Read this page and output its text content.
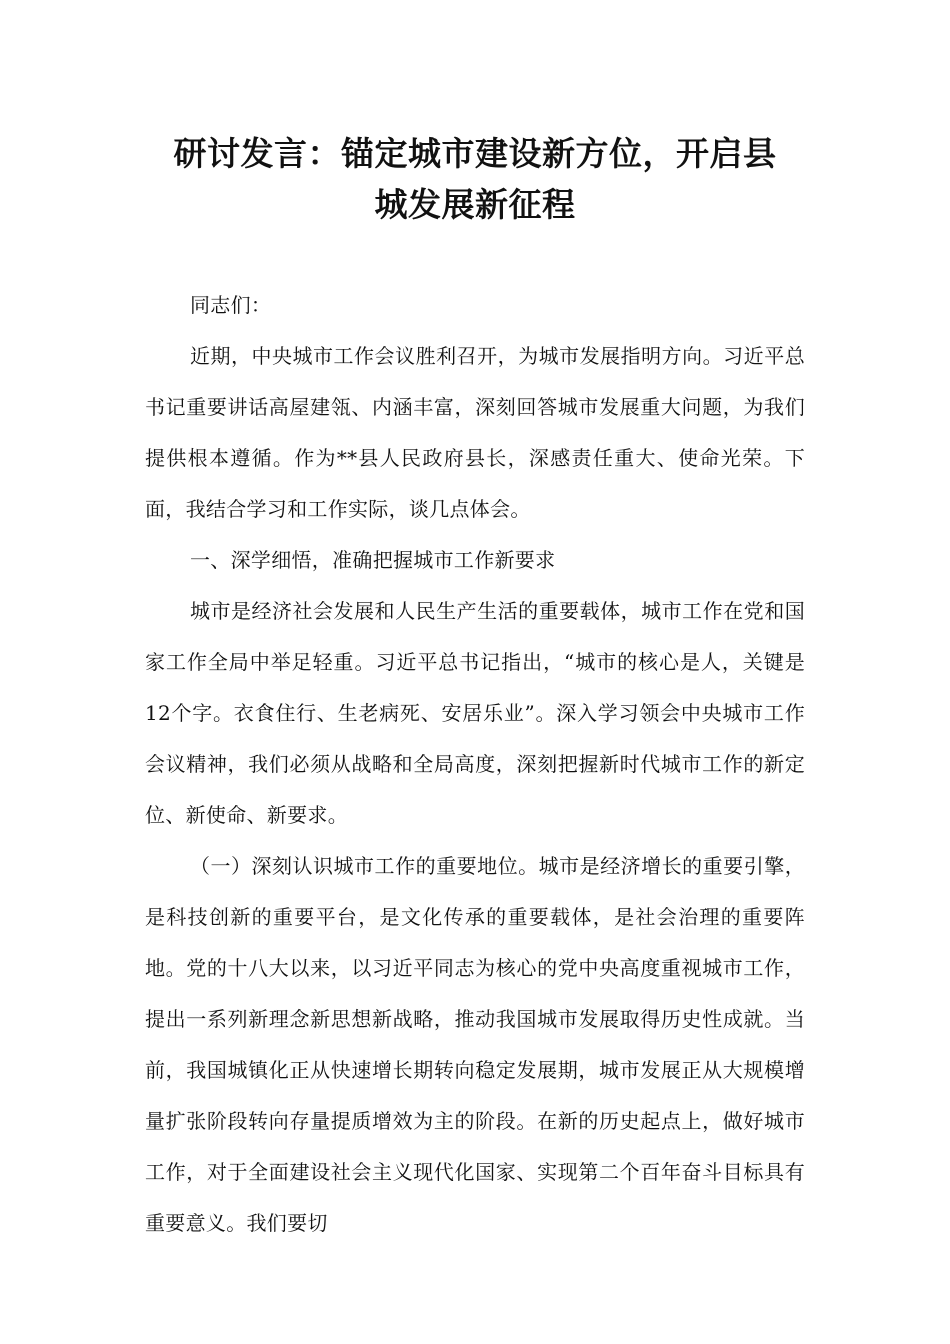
研讨发言：锚定城市建设新方位，开启县
城发展新征程

同志们：

近期，中央城市工作会议胜利召开，为城市发展指明方向。习近平总书记重要讲话高屋建瓴、内涵丰富，深刻回答城市发展重大问题，为我们提供根本遵循。作为**县人民政府县长，深感责任重大、使命光荣。下面，我结合学习和工作实际，谈几点体会。

一、深学细悟，准确把握城市工作新要求

城市是经济社会发展和人民生产生活的重要载体，城市工作在党和国家工作全局中举足轻重。习近平总书记指出，“城市的核心是人，关键是12个字。衣食住行、生老病死、安居乐业”。深入学习领会中央城市工作会议精神，我们必须从战略和全局高度，深刻把握新时代城市工作的新定位、新使命、新要求。

（一）深刻认识城市工作的重要地位。城市是经济增长的重要引擎，是科技创新的重要平台，是文化传承的重要载体，是社会治理的重要阵地。党的十八大以来，以习近平同志为核心的党中央高度重视城市工作，提出一系列新理念新思想新战略，推动我国城市发展取得历史性成就。当前，我国城镇化正从快速增长期转向稳定发展期，城市发展正从大规模增量扩张阶段转向存量提质增效为主的阶段。在新的历史起点上，做好城市工作，对于全面建设社会主义现代化国家、实现第二个百年奋斗目标具有重要意义。我们要切
